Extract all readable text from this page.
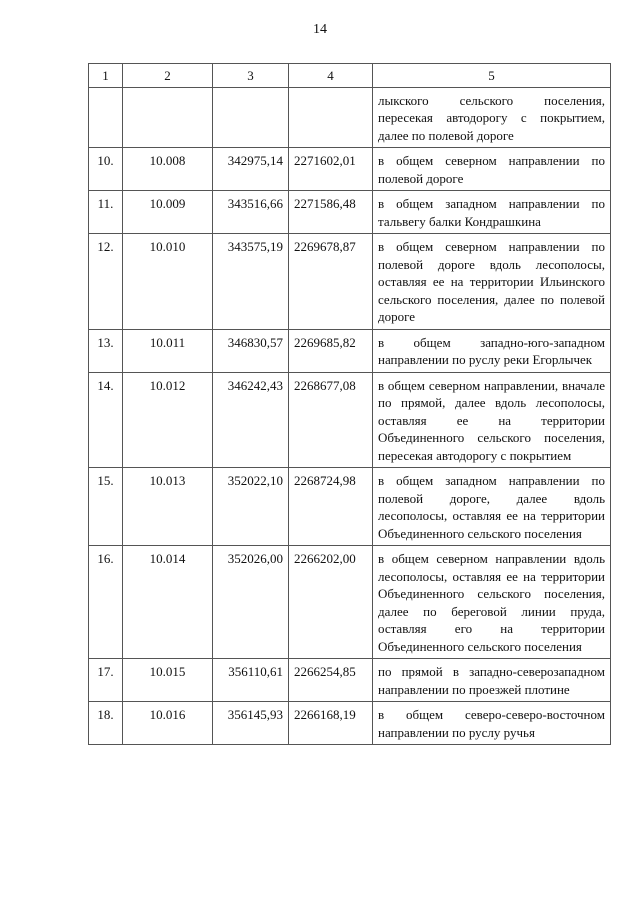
14
1	2	3	4	5
				лыкского сельского поселения, пересекая автодорогу с покрытием, далее по полевой дороге
10.	10.008	342975,14	2271602,01	в общем северном направлении по полевой дороге
11.	10.009	343516,66	2271586,48	в общем западном направлении по тальвегу балки Кондрашкина
12.	10.010	343575,19	2269678,87	в общем северном направлении по полевой дороге вдоль лесополосы, оставляя ее на территории Ильинского сельского поселения, далее по полевой дороге
13.	10.011	346830,57	2269685,82	в общем западно-юго-западном направлении по руслу реки Егорлычек
14.	10.012	346242,43	2268677,08	в общем северном направлении, вначале по прямой, далее вдоль лесополосы, оставляя ее на территории Объединенного сельского поселения, пересекая автодорогу с покрытием
15.	10.013	352022,10	2268724,98	в общем западном направлении по полевой дороге, далее вдоль лесополосы, оставляя ее на территории Объединенного сельского поселения
16.	10.014	352026,00	2266202,00	в общем северном направлении вдоль лесополосы, оставляя ее на территории Объединенного сельского поселения, далее по береговой линии пруда, оставляя его на территории Объединенного сельского поселения
17.	10.015	356110,61	2266254,85	по прямой в западно-северозападном направлении по проезжей плотине
18.	10.016	356145,93	2266168,19	в общем северо-северо-восточном направлении по руслу ручья
